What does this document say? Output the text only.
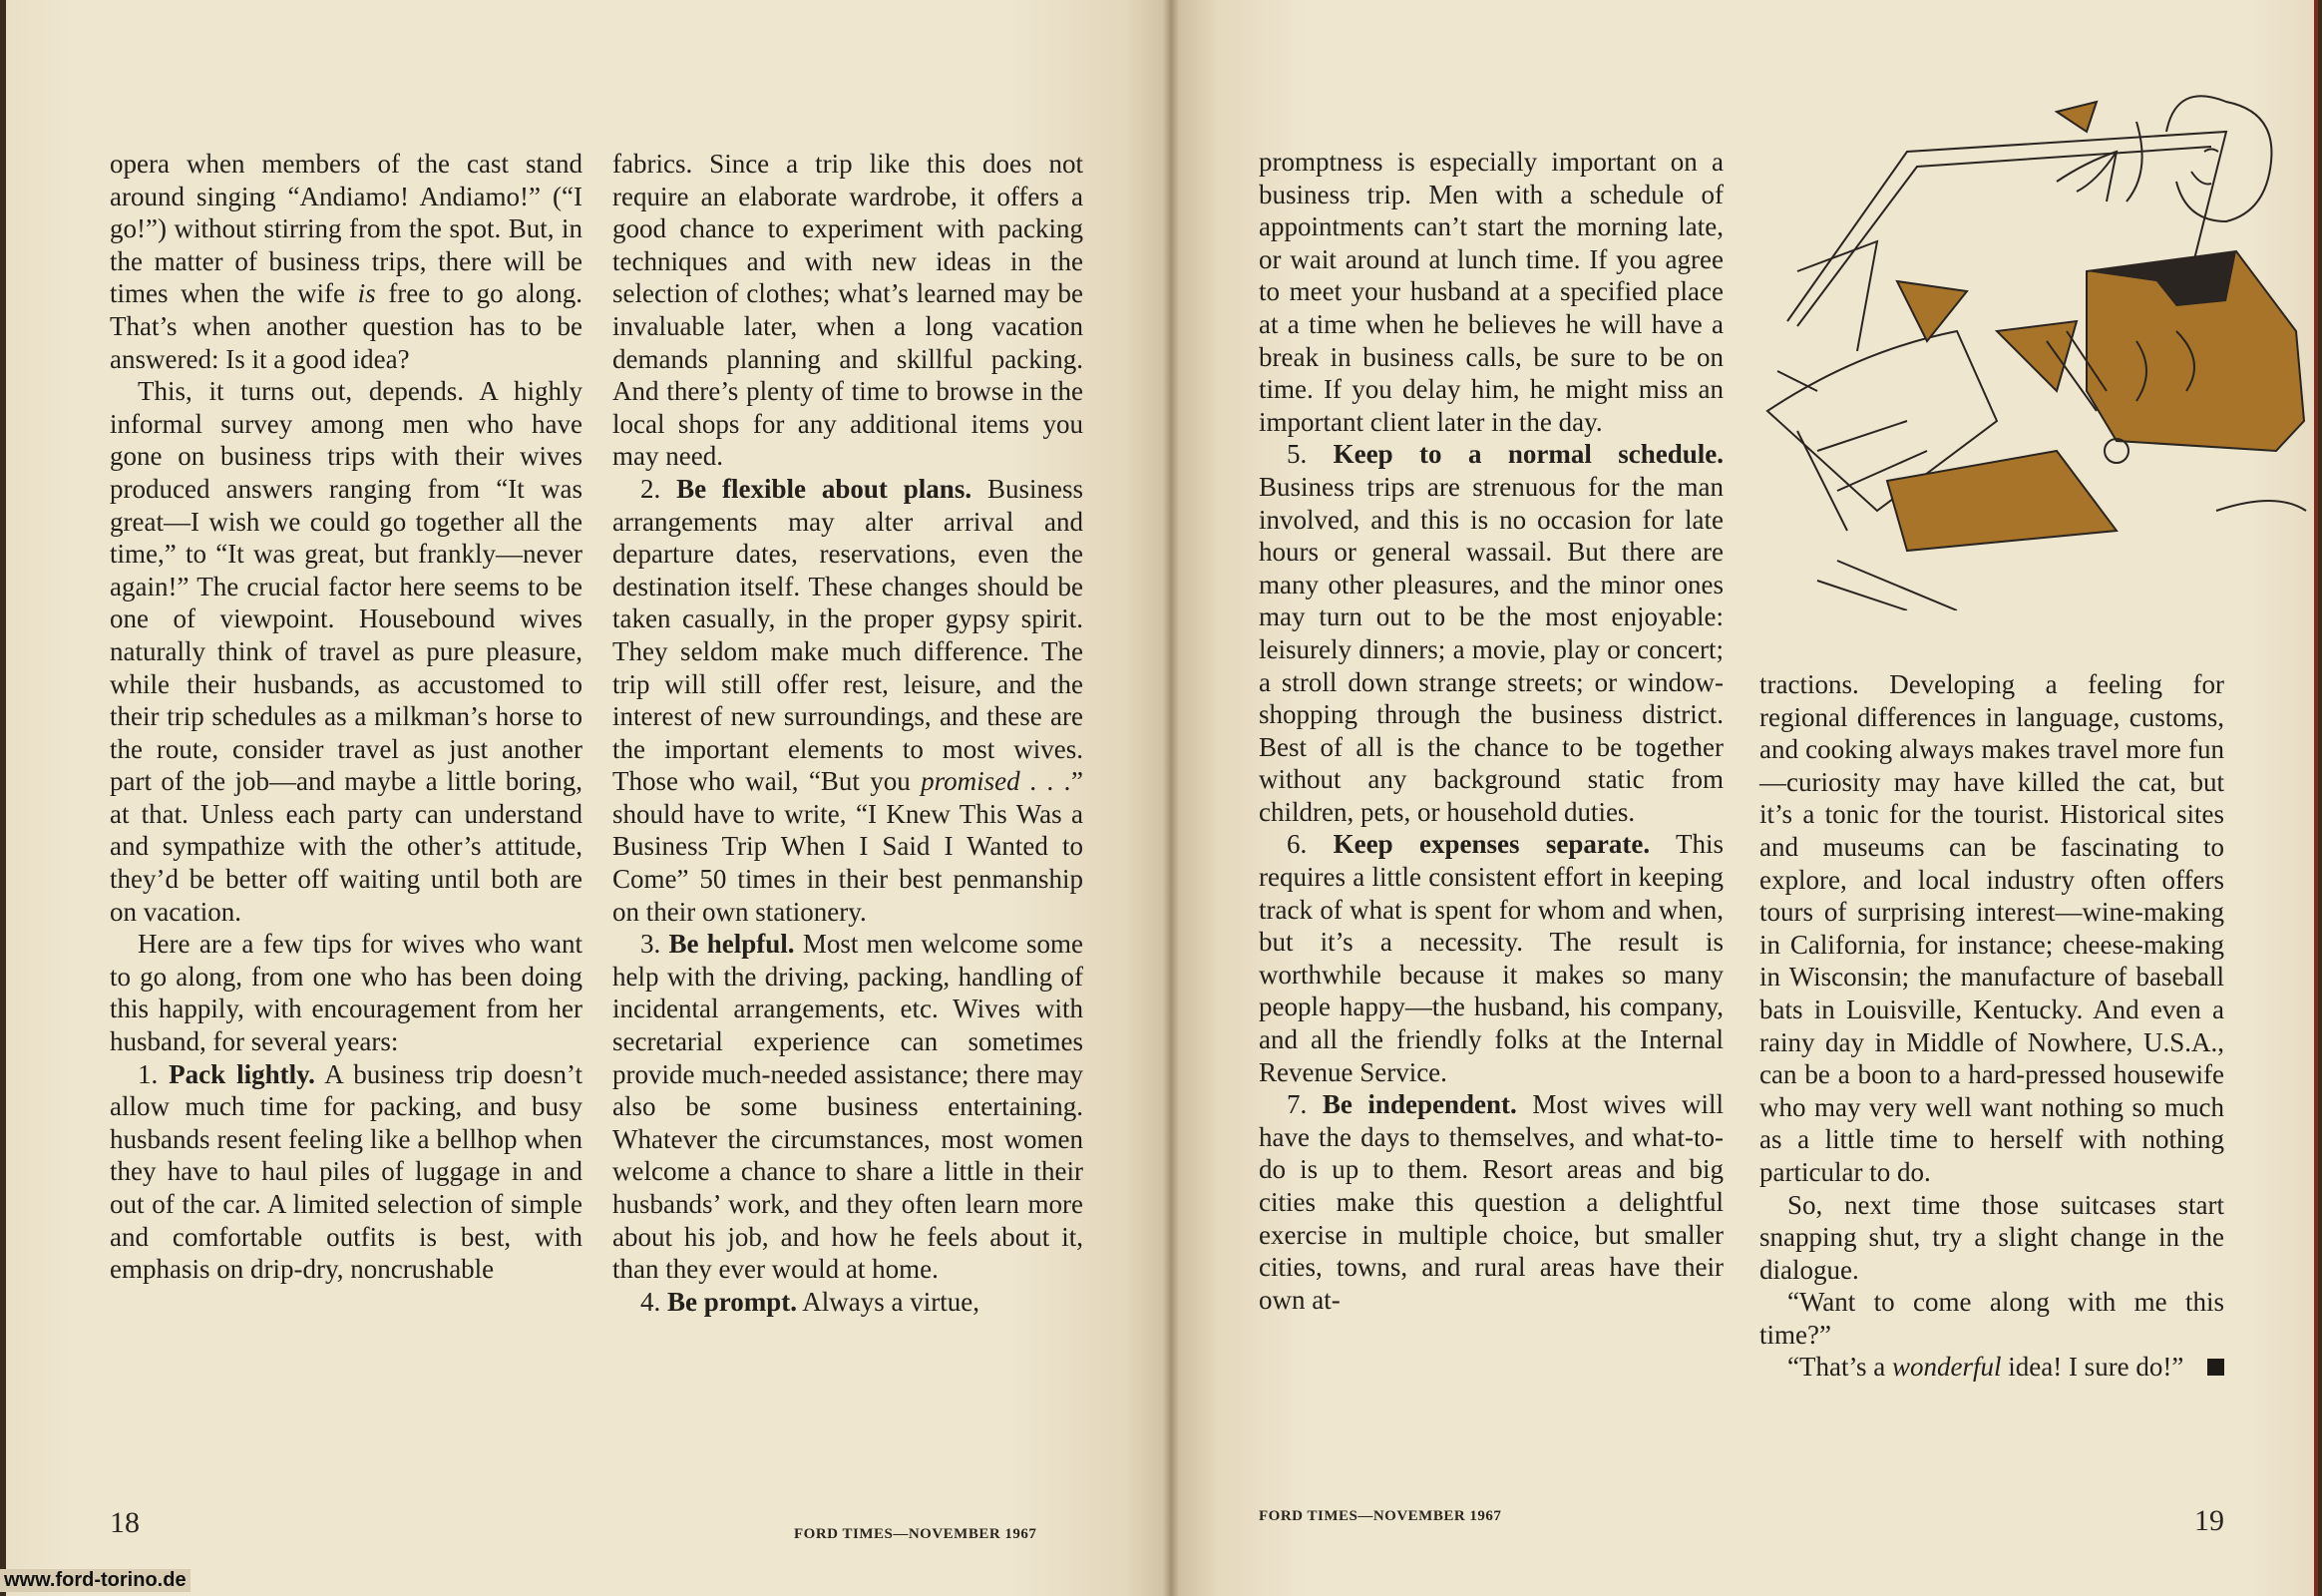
opera when members of the cast stand around singing “Andiamo! Andiamo!” (“I go!”) without stirring from the spot. But, in the matter of business trips, there will be times when the wife is free to go along. That’s when another question has to be answered: Is it a good idea?

This, it turns out, depends. A highly informal survey among men who have gone on business trips with their wives produced answers ranging from “It was great—I wish we could go together all the time,” to “It was great, but frankly—never again!” The crucial factor here seems to be one of viewpoint. Housebound wives naturally think of travel as pure pleasure, while their husbands, as accustomed to their trip schedules as a milkman’s horse to the route, consider travel as just another part of the job—and maybe a little boring, at that. Unless each party can understand and sympathize with the other’s attitude, they’d be better off waiting until both are on vacation.

Here are a few tips for wives who want to go along, from one who has been doing this happily, with encouragement from her husband, for several years:

1. Pack lightly. A business trip doesn’t allow much time for packing, and busy husbands resent feeling like a bellhop when they have to haul piles of luggage in and out of the car. A limited selection of simple and comfortable outfits is best, with emphasis on drip-dry, noncrushable

fabrics. Since a trip like this does not require an elaborate wardrobe, it offers a good chance to experiment with packing techniques and with new ideas in the selection of clothes; what’s learned may be invaluable later, when a long vacation demands planning and skillful packing. And there’s plenty of time to browse in the local shops for any additional items you may need.

2. Be flexible about plans. Business arrangements may alter arrival and departure dates, reservations, even the destination itself. These changes should be taken casually, in the proper gypsy spirit. They seldom make much difference. The trip will still offer rest, leisure, and the interest of new surroundings, and these are the important elements to most wives. Those who wail, “But you promised . . .” should have to write, “I Knew This Was a Business Trip When I Said I Wanted to Come” 50 times in their best penmanship on their own stationery.

3. Be helpful. Most men welcome some help with the driving, packing, handling of incidental arrangements, etc. Wives with secretarial experience can sometimes provide much-needed assistance; there may also be some business entertaining. Whatever the circumstances, most women welcome a chance to share a little in their husbands’ work, and they often learn more about his job, and how he feels about it, than they ever would at home.

4. Be prompt. Always a virtue,

18	FORD TIMES—NOVEMBER 1967

promptness is especially important on a business trip. Men with a schedule of appointments can’t start the morning late, or wait around at lunch time. If you agree to meet your husband at a specified place at a time when he believes he will have a break in business calls, be sure to be on time. If you delay him, he might miss an important client later in the day.

5. Keep to a normal schedule. Business trips are strenuous for the man involved, and this is no occasion for late hours or general wassail. But there are many other pleasures, and the minor ones may turn out to be the most enjoyable: leisurely dinners; a movie, play or concert; a stroll down strange streets; or window-shopping through the business district. Best of all is the chance to be together without any background static from children, pets, or household duties.

6. Keep expenses separate. This requires a little consistent effort in keeping track of what is spent for whom and when, but it’s a necessity. The result is worthwhile because it makes so many people happy—the husband, his company, and all the friendly folks at the Internal Revenue Service.

7. Be independent. Most wives will have the days to themselves, and what-to-do is up to them. Resort areas and big cities make this question a delightful exercise in multiple choice, but smaller cities, towns, and rural areas have their own at-

tractions. Developing a feeling for regional differences in language, customs, and cooking always makes travel more fun—curiosity may have killed the cat, but it’s a tonic for the tourist. Historical sites and museums can be fascinating to explore, and local industry often offers tours of surprising interest—wine-making in California, for instance; cheese-making in Wisconsin; the manufacture of baseball bats in Louisville, Kentucky. And even a rainy day in Middle of Nowhere, U.S.A., can be a boon to a hard-pressed housewife who may very well want nothing so much as a little time to herself with nothing particular to do.

So, next time those suitcases start snapping shut, try a slight change in the dialogue.

“Want to come along with me this time?”

“That’s a wonderful idea! I sure do!”

FORD TIMES—NOVEMBER 1967	19
www.ford-torino.de
